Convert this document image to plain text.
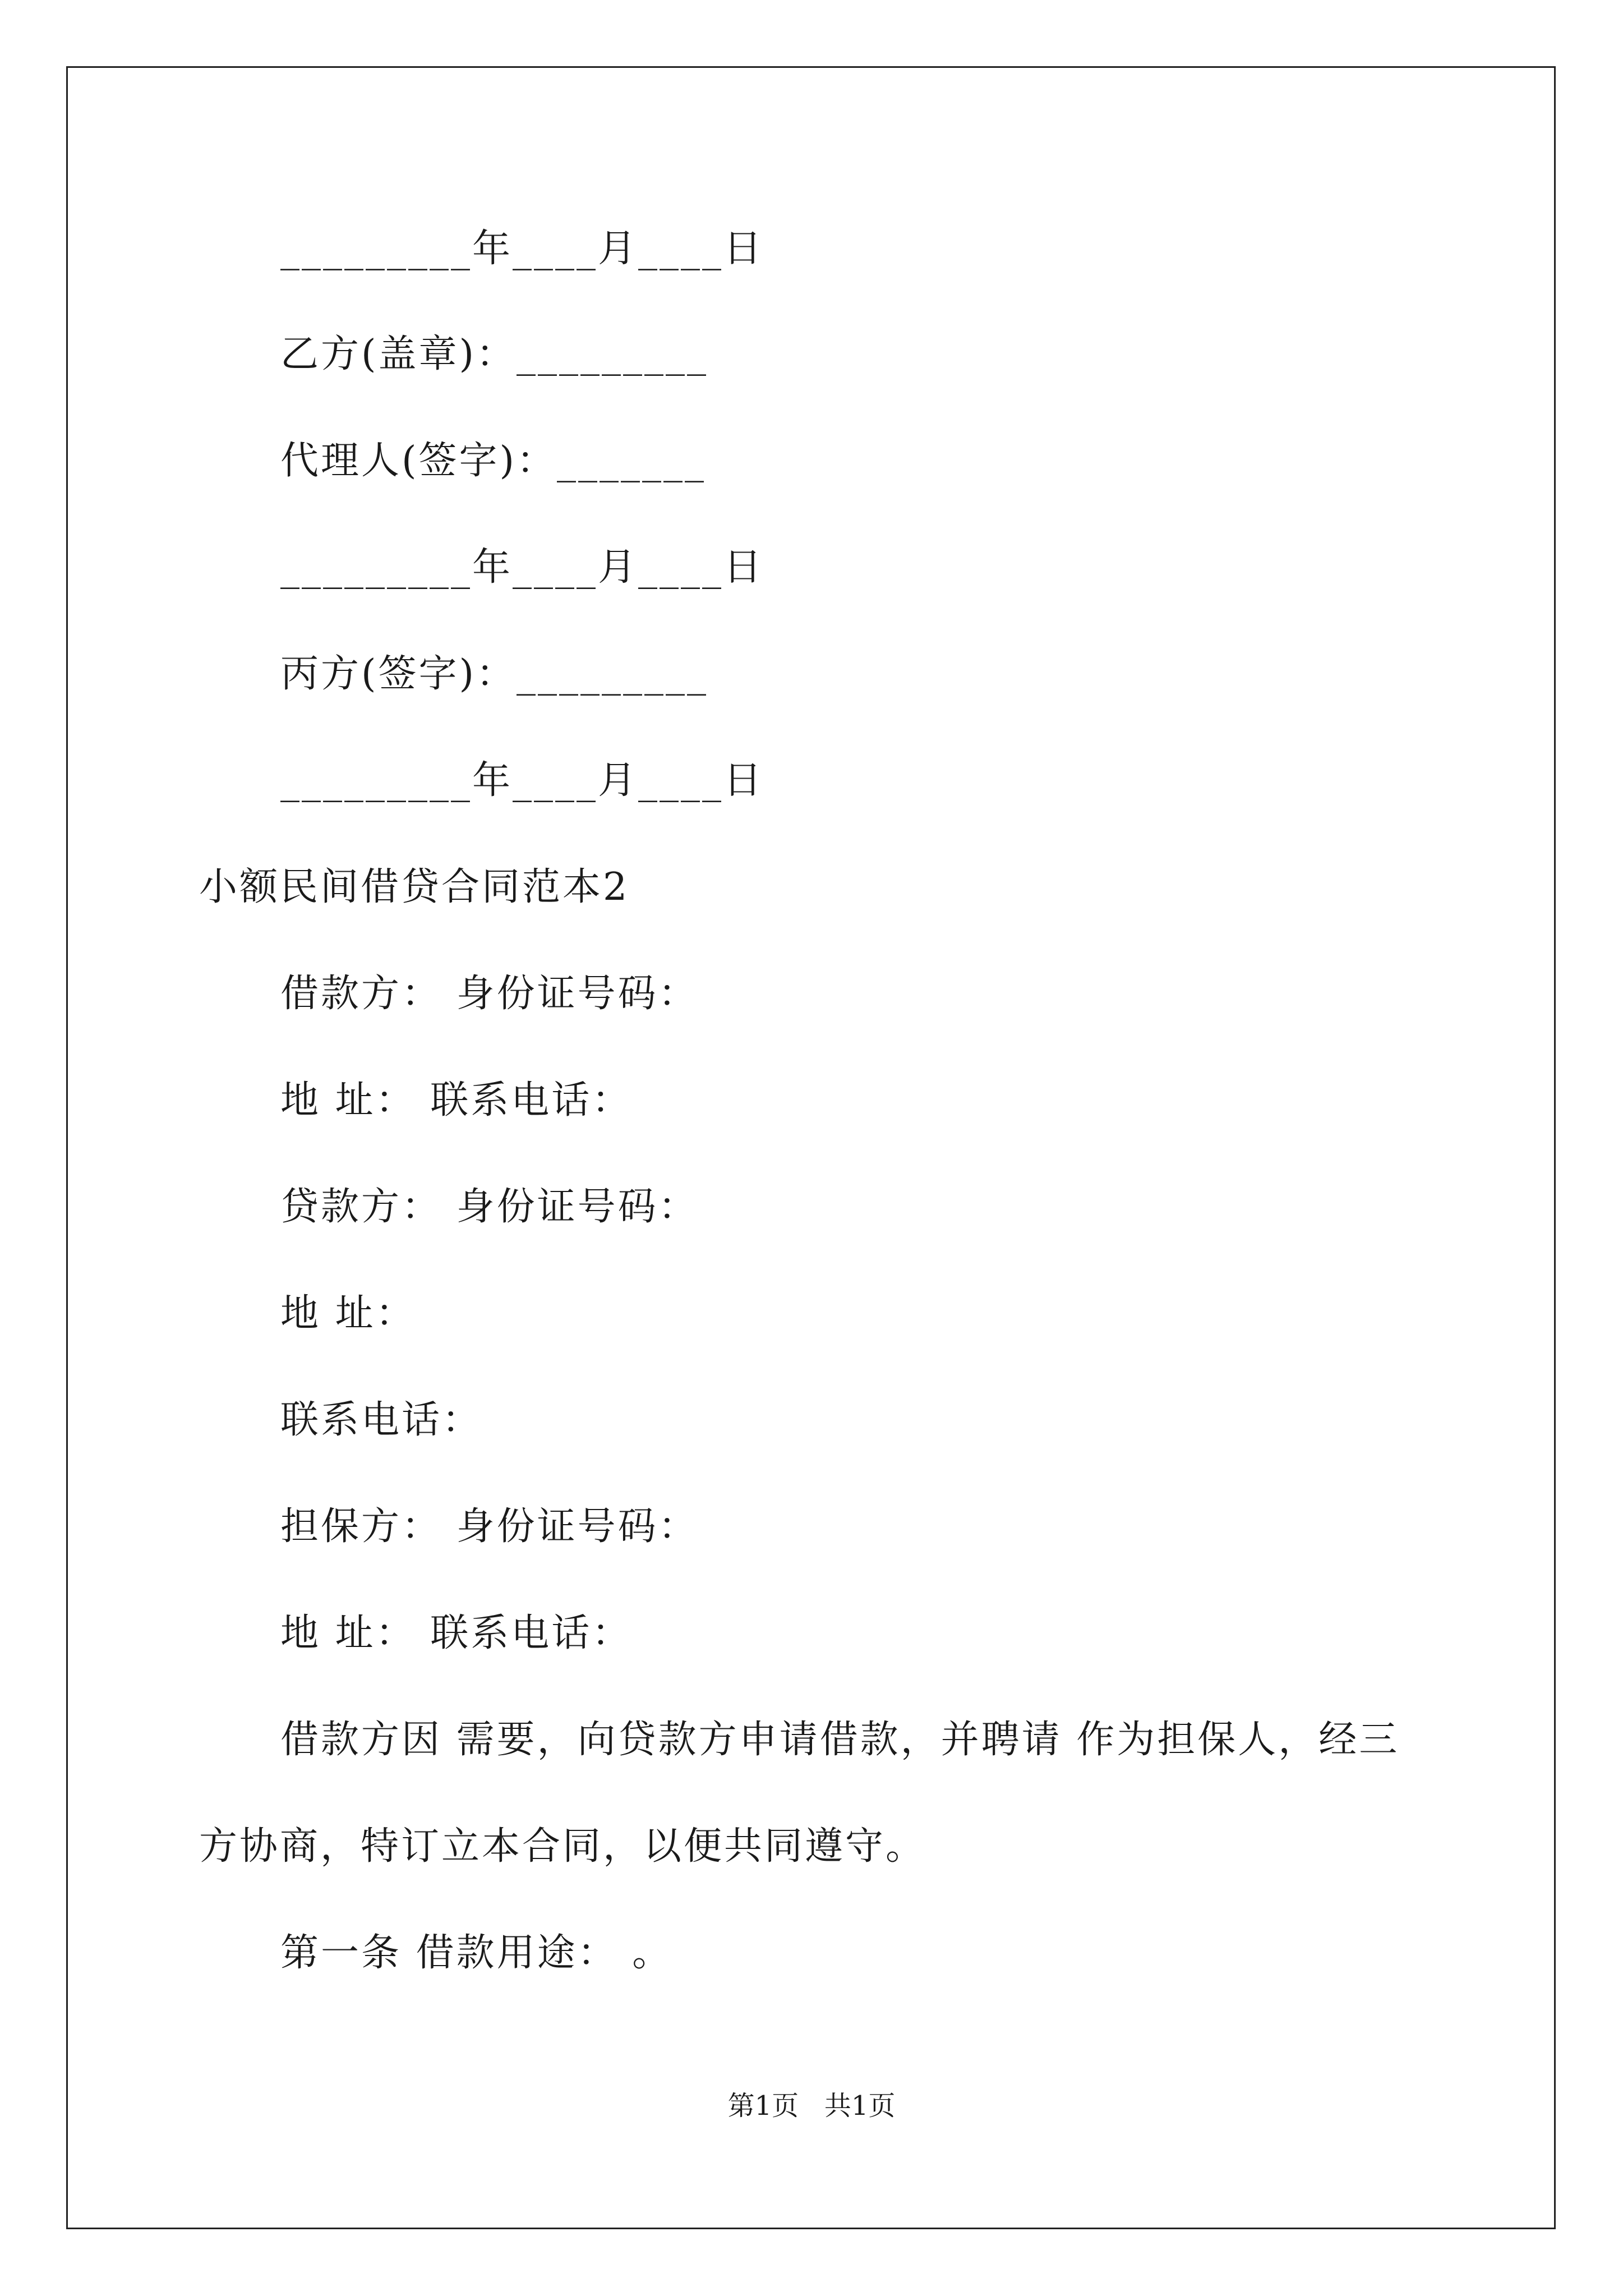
_________年____月____日
乙方(盖章)：_________
代理人(签字)：_______
_________年____月____日
丙方(签字)：_________
_________年____月____日
小额民间借贷合同范本2
借款方： 身份证号码：
地 址： 联系电话：
贷款方： 身份证号码：
地 址：
联系电话：
担保方： 身份证号码：
地 址： 联系电话：
借款方因 需要，向贷款方申请借款，并聘请 作为担保人，经三
方协商，特订立本合同，以便共同遵守。
第一条 借款用途： 。
第1页   共1页
